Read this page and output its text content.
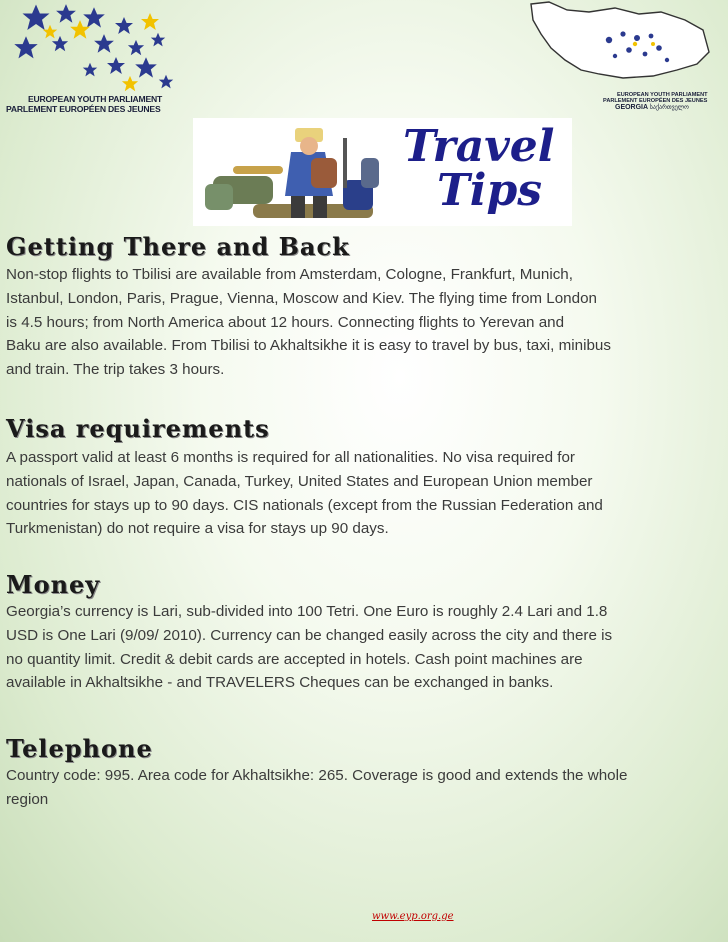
EUROPEAN YOUTH PARLIAMENT
PARLEMENT EUROPÉEN DES JEUNES
EUROPEAN YOUTH PARLIAMENT
PARLEMENT EUROPÉEN DES JEUNES
GEORGIA საქართველო
Travel
Tips
Getting There and Back

Non-stop flights to Tbilisi are available from Amsterdam, Cologne, Frankfurt, Munich,
Istanbul, London, Paris, Prague, Vienna, Moscow and Kiev. The flying time from London
is 4.5 hours; from North America about 12 hours. Connecting flights to Yerevan and
Baku are also available. From Tbilisi to Akhaltsikhe it is easy to travel by bus, taxi, minibus
and train. The trip takes 3 hours.

Visa requirements

A passport valid at least 6 months is required for all nationalities. No visa required for
nationals of Israel, Japan, Canada, Turkey, United States and European Union member
countries for stays up to 90 days. CIS nationals (except from the Russian Federation and
Turkmenistan) do not require a visa for stays up 90 days.

Money

Georgia’s currency is Lari, sub-divided into 100 Tetri. One Euro is roughly 2.4 Lari and 1.8
USD is One Lari (9/09/ 2010). Currency can be changed easily across the city and there is
no quantity limit. Credit & debit cards are accepted in hotels. Cash point machines are
available in Akhaltsikhe - and TRAVELERS Cheques can be exchanged in banks.

Telephone

Country code: 995. Area code for Akhaltsikhe: 265. Coverage is good and extends the whole
region

www.eyp.org.ge
